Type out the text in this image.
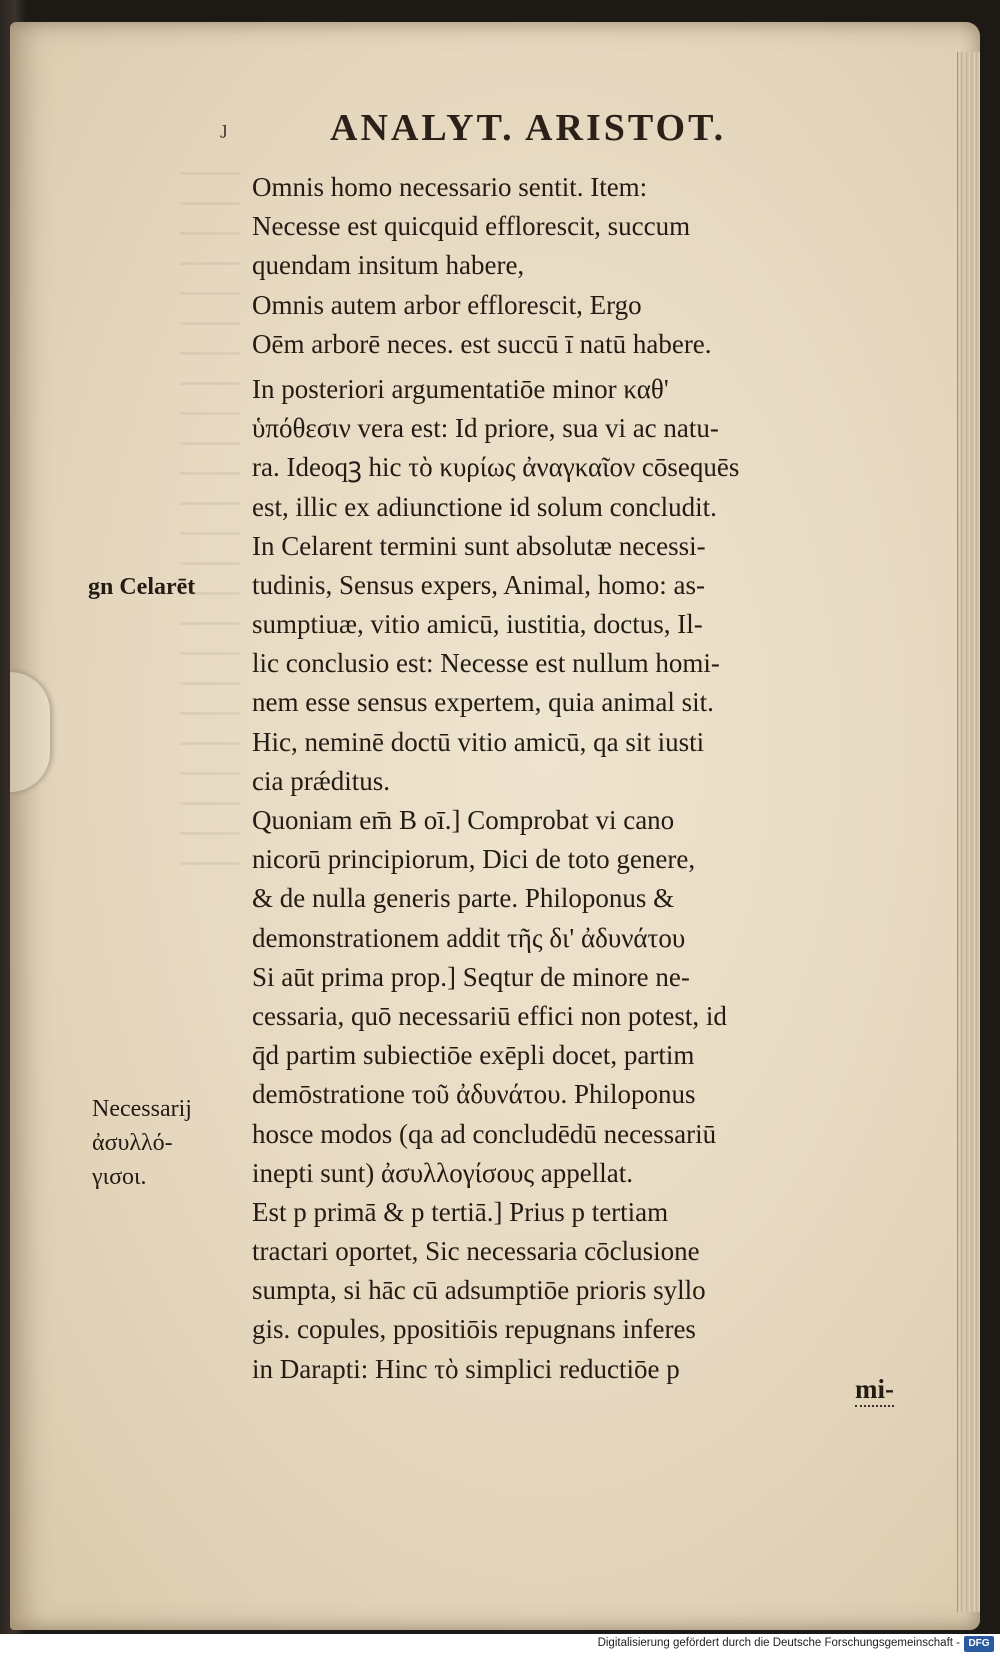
ȷ	ANALYT. ARISTOT.
Omnis homo necessario sentit. Item:
Necesse est quicquid efflorescit, succum
quendam insitum habere,
Omnis autem arbor efflorescit, Ergo
Oēm arborē neces. est succū ī natū habere.
In posteriori argumentatiōe minor καθ'
ὑπόθεσιν vera est: Id priore, sua vi ac natu-
ra. Ideoqꝫ hic τὸ κυρίως ἀναγκαῖον cōsequēs
est, illic ex adiunctione id solum concludit.
In Celarent termini sunt absolutæ necessi-
tudinis, Sensus expers, Animal, homo: as-
sumptiuæ, vitio amicū, iustitia, doctus, Il-
lic conclusio est: Necesse est nullum homi-
nem esse sensus expertem, quia animal sit.
Hic, neminē doctū vitio amicū, qa sit iusti
cia prǽditus.
Quoniam em̄ B oī.] Comprobat vi cano
nicorū principiorum, Dici de toto genere,
& de nulla generis parte. Philoponus &
demonstrationem addit τῆς δι' ἀδυνάτου
Si aūt prima prop.] Seqtur de minore ne-
cessaria, quō necessariū effici non potest, id
q̄d partim subiectiōe exēpli docet, partim
demōstratione τοῦ ἀδυνάτου. Philoponus
hosce modos (qa ad concludēdū necessariū
inepti sunt) ἀσυλλογίσους appellat.
Est p primā & p tertiā.] Prius p tertiam
tractari oportet, Sic necessaria cōclusione
sumpta, si hāc cū adsumptiōe prioris syllo
gis. copules, ppositiōis repugnans inferes
in Darapti: Hinc τὸ simplici reductiōe p
mi-
gn Celarēt
Necessarij
ἀσυλλό-
γισοι.
Digitalisierung gefördert durch die Deutsche Forschungsgemeinschaft - DFG
